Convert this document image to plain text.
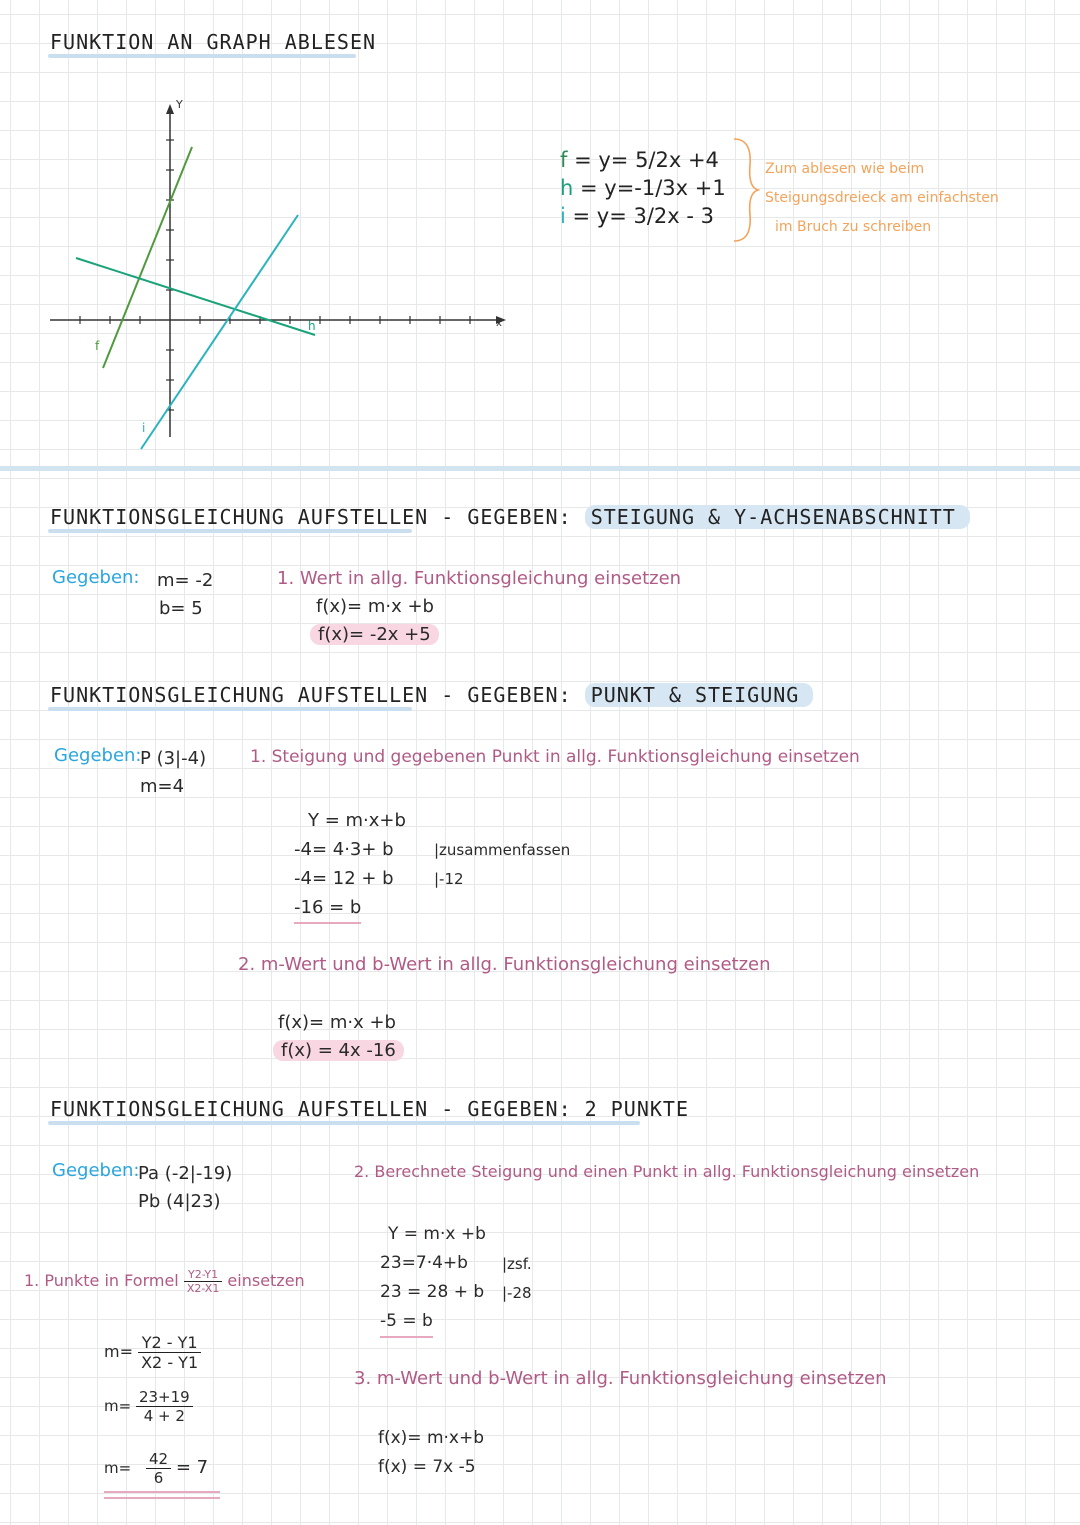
FUNKTION AN GRAPH ABLESEN
x
Y
f
h
i
f = y= 5/2x +4
h = y=-1/3x +1
i = y= 3/2x - 3
Zum ablesen wie beim
Steigungsdreieck am einfachsten
im Bruch zu schreiben
FUNKTIONSGLEICHUNG AUFSTELLEN - GEGEBEN: STEIGUNG & Y-ACHSENABSCHNITT
Gegeben: m= -2
b= 5
1. Wert in allg. Funktionsgleichung einsetzen
f(x)= m·x +b
f(x)= -2x +5
FUNKTIONSGLEICHUNG AUFSTELLEN - GEGEBEN: PUNKT & STEIGUNG
Gegeben:
P (3|-4)
m=4
1. Steigung und gegebenen Punkt in allg. Funktionsgleichung einsetzen
Y = m·x+b
-4= 4·3+ b
-4= 12 + b
-16 = b
|zusammenfassen
|-12
2. m-Wert und b-Wert in allg. Funktionsgleichung einsetzen
f(x)= m·x +b
f(x) = 4x -16
FUNKTIONSGLEICHUNG AUFSTELLEN - GEGEBEN: 2 PUNKTE
Gegeben:
Pa (-2|-19)
Pb (4|23)
1. Punkte in Formel $\frac{Y2-Y1}{X2-X1}$ einsetzen
$m= \frac{Y2 - Y1}{X2 - Y1}$
$m= \frac{23+19}{4 + 2}$
$m= \frac{42}{6} = 7$
2. Berechnete Steigung und einen Punkt in allg. Funktionsgleichung einsetzen
Y = m·x +b
23=7·4+b
23 = 28 + b
-5 = b
|zsf.
|-28
3. m-Wert und b-Wert in allg. Funktionsgleichung einsetzen
f(x)= m·x+b
f(x) = 7x -5
